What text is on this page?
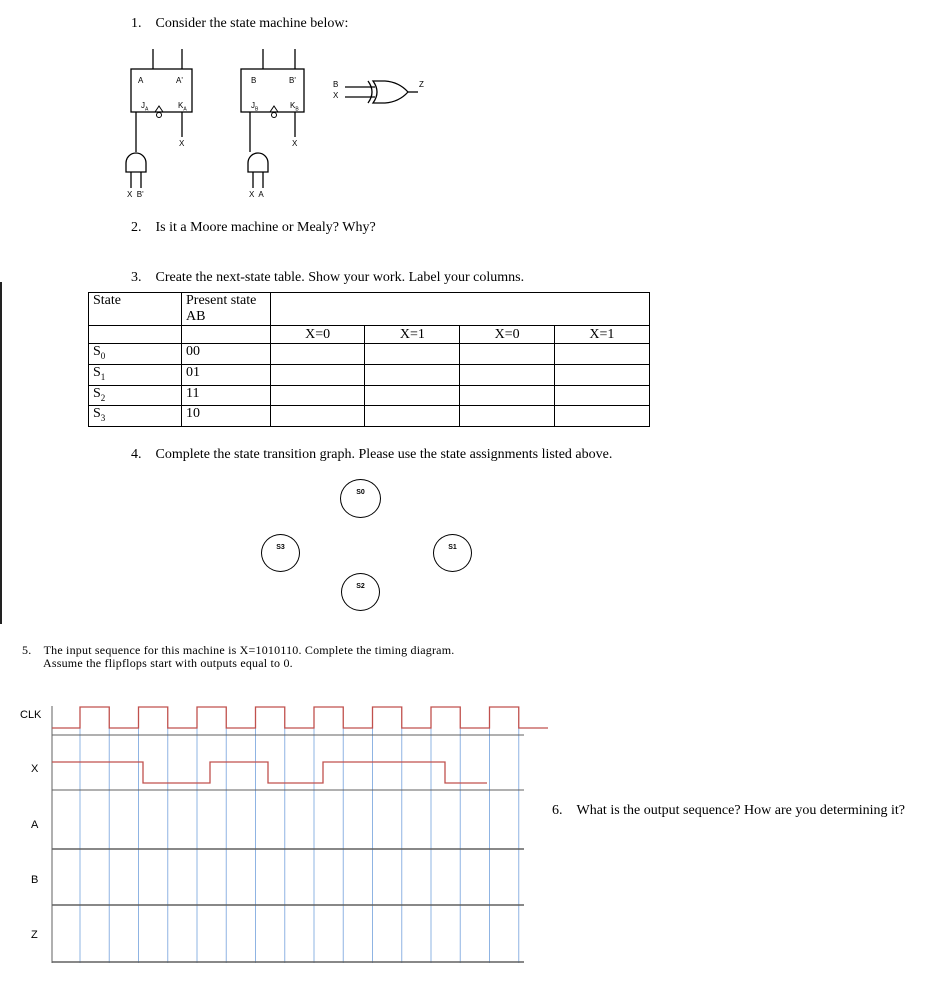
1. Consider the state machine below:
A	A'
$J_A$	$K_A$
X
B	B'
$J_B$	$K_B$
X
X  B'	X  A
B
X
Z
2. Is it a Moore machine or Mealy? Why?
3. Create the next-state table. Show your work. Label your columns.
State	Present state
AB				
		X=0	X=1	X=0	X=1
$S_0$	00				
$S_1$	01				
$S_2$	11				
$S_3$	10				
4. Complete the state transition graph. Please use the state assignments listed above.
S0
S3	S1
S2
5. The input sequence for this machine is X=1010110. Complete the timing diagram.
Assume the flipflops start with outputs equal to 0.
CLK
X
A
B
Z
6. What is the output sequence? How are you determining it?
